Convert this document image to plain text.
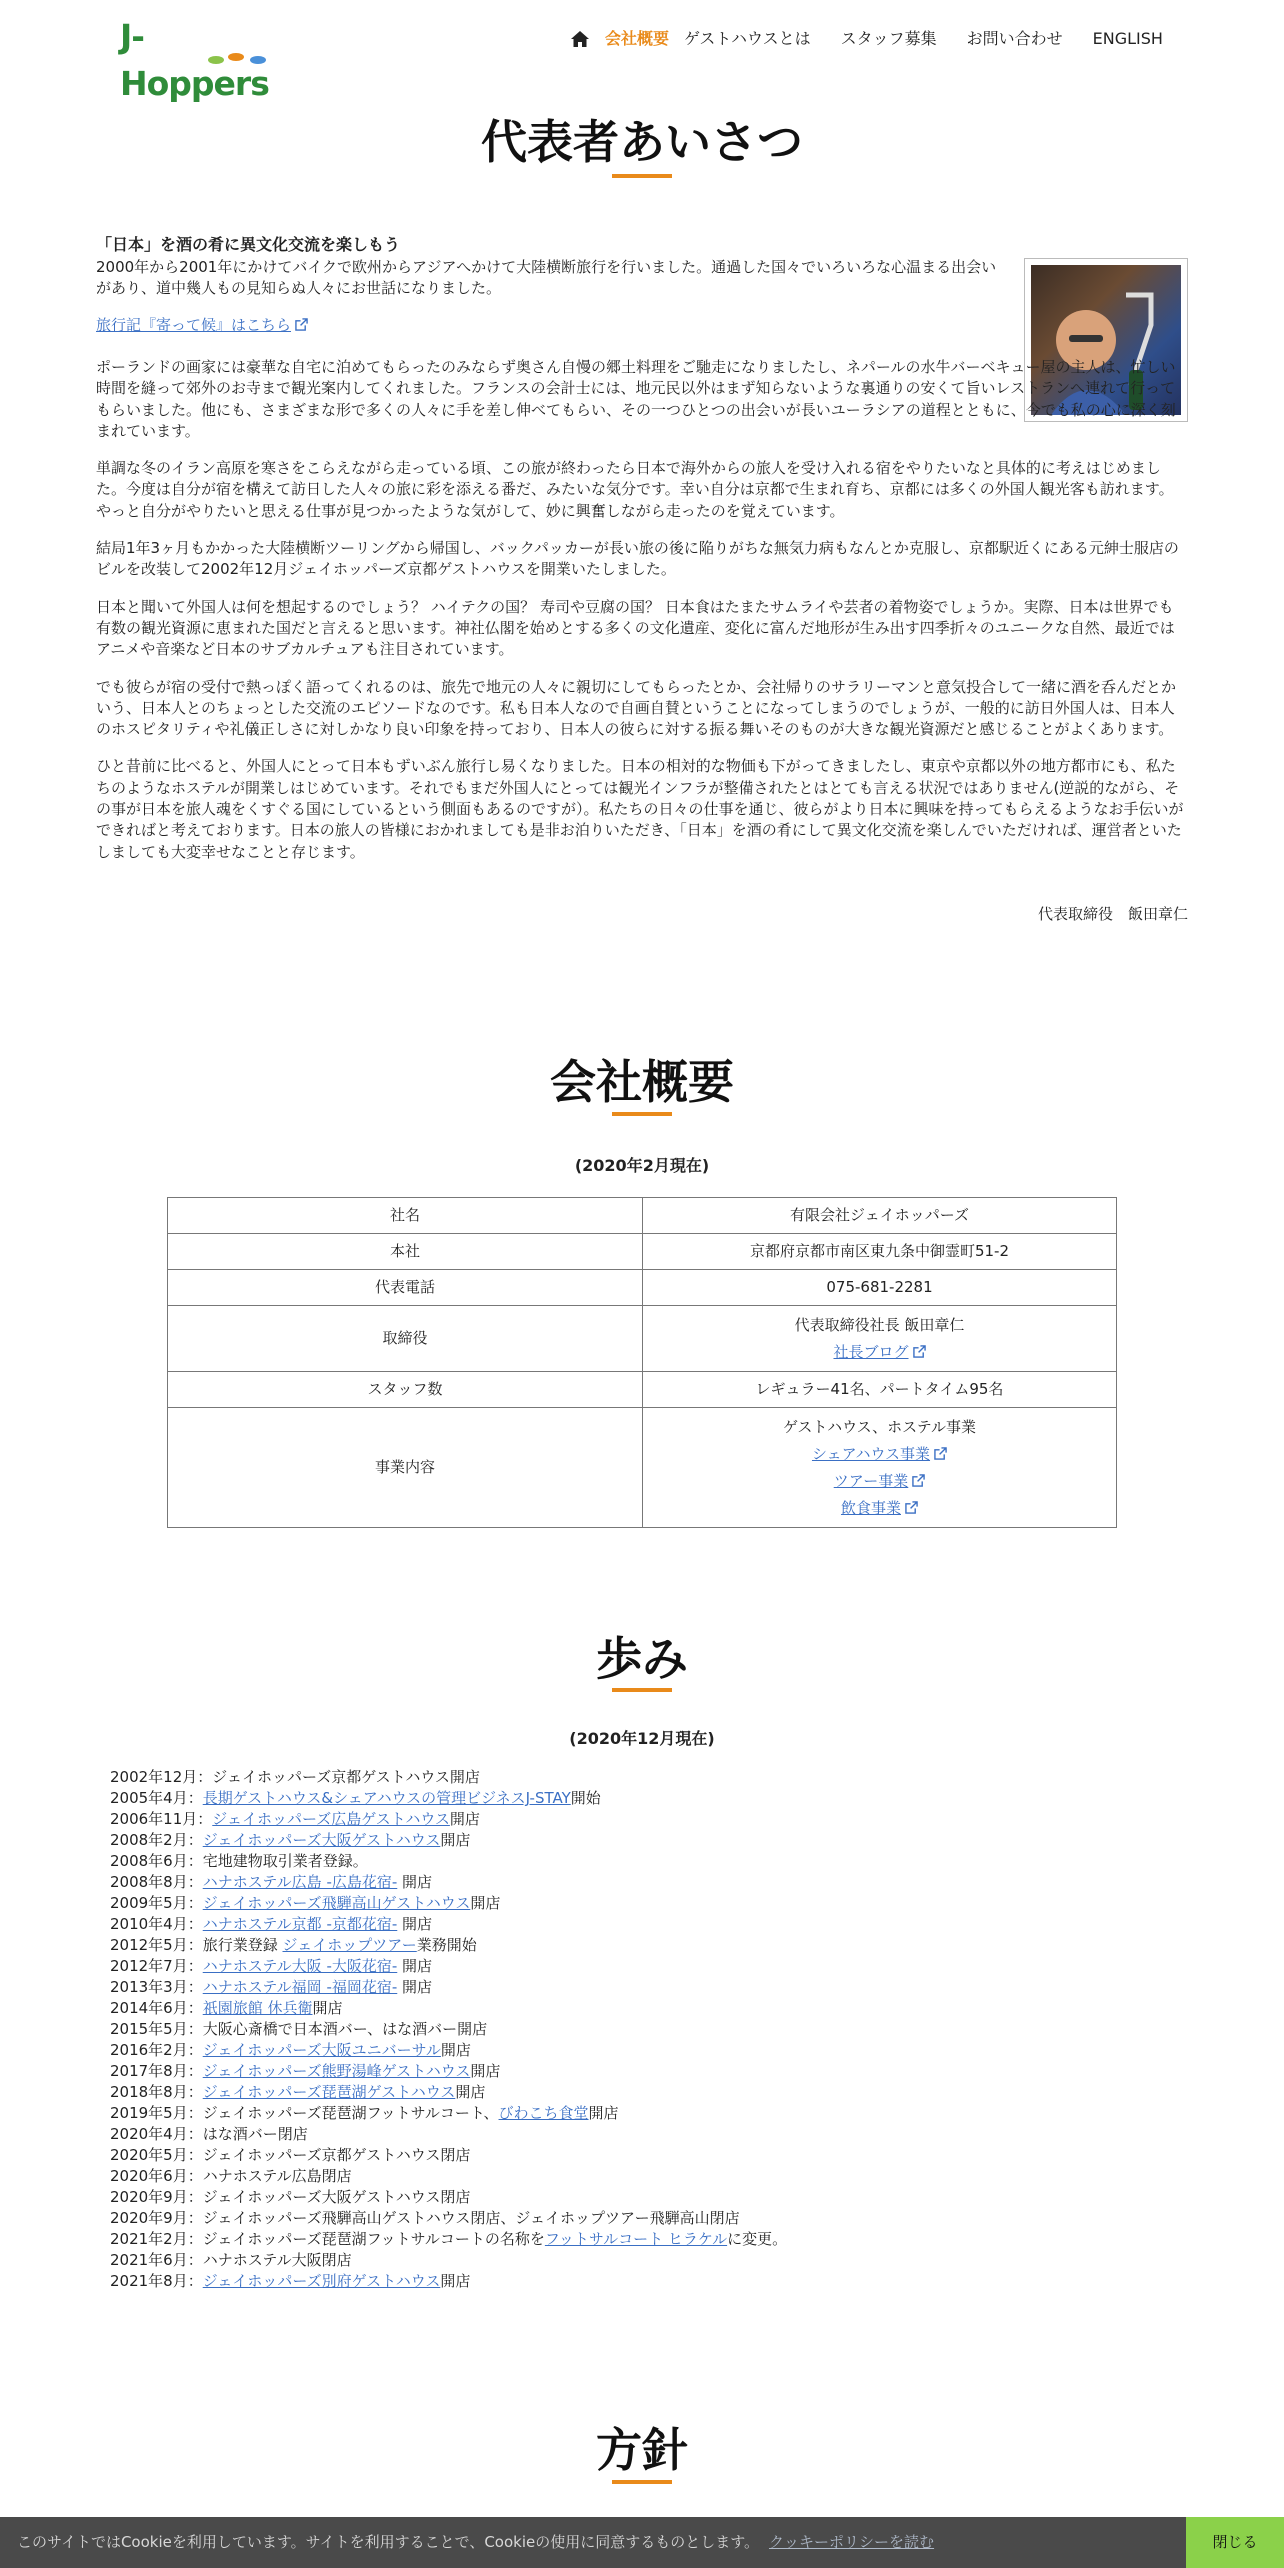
J-Hoppers
会社概要 ゲストハウスとは スタッフ募集 お問い合わせ ENGLISH
代表者あいさつ
「日本」を酒の肴に異文化交流を楽しもう

2000年から2001年にかけてバイクで欧州からアジアへかけて大陸横断旅行を行いました。通過した国々でいろいろな心温まる出会いがあり、道中幾人もの見知らぬ人々にお世話になりました。

旅行記『寄って候』はこちら

ポーランドの画家には豪華な自宅に泊めてもらったのみならず奥さん自慢の郷土料理をご馳走になりましたし、ネパールの水牛バーベキュー屋の主人は、忙しい時間を縫って郊外のお寺まで観光案内してくれました。フランスの会計士には、地元民以外はまず知らないような裏通りの安くて旨いレストランへ連れて行ってもらいました。他にも、さまざまな形で多くの人々に手を差し伸べてもらい、その一つひとつの出会いが長いユーラシアの道程とともに、今でも私の心に深く刻まれています。

単調な冬のイラン高原を寒さをこらえながら走っている頃、この旅が終わったら日本で海外からの旅人を受け入れる宿をやりたいなと具体的に考えはじめました。今度は自分が宿を構えて訪日した人々の旅に彩を添える番だ、みたいな気分です。幸い自分は京都で生まれ育ち、京都には多くの外国人観光客も訪れます。やっと自分がやりたいと思える仕事が見つかったような気がして、妙に興奮しながら走ったのを覚えています。

結局1年3ヶ月もかかった大陸横断ツーリングから帰国し、バックパッカーが長い旅の後に陥りがちな無気力病もなんとか克服し、京都駅近くにある元紳士服店のビルを改装して2002年12月ジェイホッパーズ京都ゲストハウスを開業いたしました。

日本と聞いて外国人は何を想起するのでしょう？ ハイテクの国？ 寿司や豆腐の国？ 日本食はたまたサムライや芸者の着物姿でしょうか。実際、日本は世界でも有数の観光資源に恵まれた国だと言えると思います。神社仏閣を始めとする多くの文化遺産、変化に富んだ地形が生み出す四季折々のユニークな自然、最近ではアニメや音楽など日本のサブカルチュアも注目されています。

でも彼らが宿の受付で熱っぽく語ってくれるのは、旅先で地元の人々に親切にしてもらったとか、会社帰りのサラリーマンと意気投合して一緒に酒を呑んだとかいう、日本人とのちょっとした交流のエピソードなのです。私も日本人なので自画自賛ということになってしまうのでしょうが、一般的に訪日外国人は、日本人のホスピタリティや礼儀正しさに対しかなり良い印象を持っており、日本人の彼らに対する振る舞いそのものが大きな観光資源だと感じることがよくあります。

ひと昔前に比べると、外国人にとって日本もずいぶん旅行し易くなりました。日本の相対的な物価も下がってきましたし、東京や京都以外の地方都市にも、私たちのようなホステルが開業しはじめています。それでもまだ外国人にとっては観光インフラが整備されたとはとても言える状況ではありません(逆説的ながら、その事が日本を旅人魂をくすぐる国にしているという側面もあるのですが）。私たちの日々の仕事を通じ、彼らがより日本に興味を持ってもらえるようなお手伝いができればと考えております。日本の旅人の皆様におかれましても是非お泊りいただき、「日本」を酒の肴にして異文化交流を楽しんでいただければ、運営者といたしましても大変幸せなことと存じます。

代表取締役　飯田章仁
会社概要
(2020年2月現在)
社名	有限会社ジェイホッパーズ

本社	京都府京都市南区東九条中御霊町51-2

代表電話	075-681-2281

取締役	代表取締役社長 飯田章仁
社長ブログ

スタッフ数	レギュラー41名、パートタイム95名

事業内容	ゲストハウス、ホステル事業
シェアハウス事業
ツアー事業
飲食事業
歩み
(2020年12月現在)
2002年12月：ジェイホッパーズ京都ゲストハウス開店
2005年4月：長期ゲストハウス&シェアハウスの管理ビジネスJ-STAY開始
2006年11月：ジェイホッパーズ広島ゲストハウス開店
2008年2月：ジェイホッパーズ大阪ゲストハウス開店
2008年6月：宅地建物取引業者登録。
2008年8月：ハナホステル広島 -広島花宿- 開店
2009年5月：ジェイホッパーズ飛騨高山ゲストハウス開店
2010年4月：ハナホステル京都 -京都花宿- 開店
2012年5月：旅行業登録 ジェイホップツアー業務開始
2012年7月：ハナホステル大阪 -大阪花宿- 開店
2013年3月：ハナホステル福岡 -福岡花宿- 開店
2014年6月：祇園旅館 休兵衛開店
2015年5月：大阪心斎橋で日本酒バー、はな酒バー開店
2016年2月：ジェイホッパーズ大阪ユニバーサル開店
2017年8月：ジェイホッパーズ熊野湯峰ゲストハウス開店
2018年8月：ジェイホッパーズ琵琶湖ゲストハウス開店
2019年5月：ジェイホッパーズ琵琶湖フットサルコート、びわこち食堂開店
2020年4月：はな酒バー閉店
2020年5月：ジェイホッパーズ京都ゲストハウス閉店
2020年6月：ハナホステル広島閉店
2020年9月：ジェイホッパーズ大阪ゲストハウス閉店
2020年9月：ジェイホッパーズ飛騨高山ゲストハウス閉店、ジェイホップツアー飛騨高山閉店
2021年2月：ジェイホッパーズ琵琶湖フットサルコートの名称をフットサルコート ヒラケルに変更。
2021年6月：ハナホステル大阪閉店
2021年8月：ジェイホッパーズ別府ゲストハウス開店
方針
このサイトではCookieを利用しています。サイトを利用することで、Cookieの使用に同意するものとします。 クッキーポリシーを読む	閉じる
